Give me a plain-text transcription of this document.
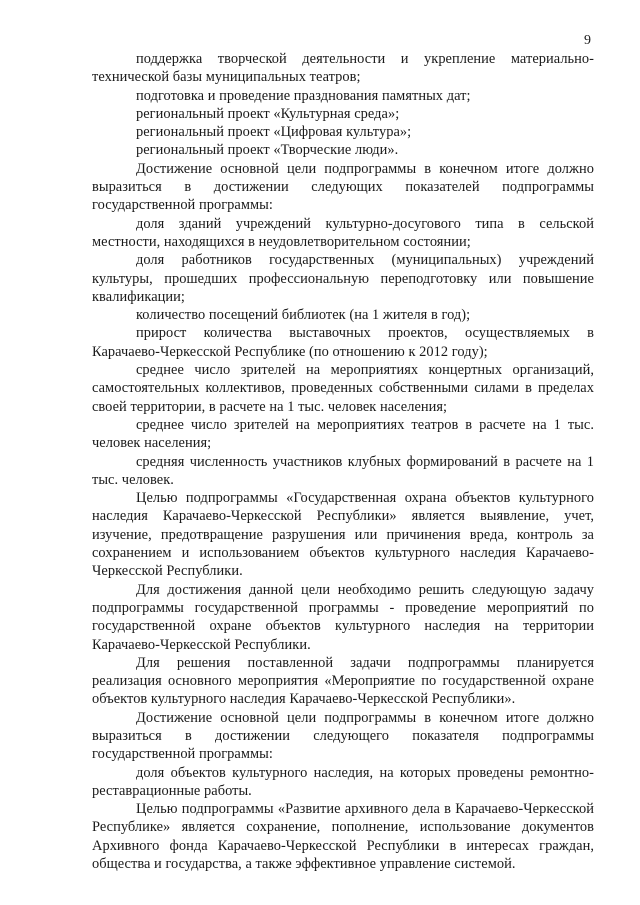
9

поддержка творческой деятельности и укрепление материально-технической базы муниципальных театров;

подготовка и проведение празднования памятных дат;

региональный проект «Культурная среда»;

региональный проект «Цифровая культура»;

региональный проект «Творческие люди».

Достижение основной цели подпрограммы в конечном итоге должно выразиться в достижении следующих показателей подпрограммы государственной программы:

доля зданий учреждений культурно-досугового типа в сельской местности, находящихся в неудовлетворительном состоянии;

доля работников государственных (муниципальных) учреждений культуры, прошедших профессиональную переподготовку или повышение квалификации;

количество посещений библиотек (на 1 жителя в год);

прирост количества выставочных проектов, осуществляемых в Карачаево-Черкесской Республике (по отношению к 2012 году);

среднее число зрителей на мероприятиях концертных организаций, самостоятельных коллективов, проведенных собственными силами в пределах своей территории, в расчете на 1 тыс. человек населения;

среднее число зрителей на мероприятиях театров в расчете на 1 тыс. человек населения;

средняя численность участников клубных формирований в расчете на 1 тыс. человек.

Целью подпрограммы «Государственная охрана объектов культурного наследия Карачаево-Черкесской Республики» является выявление, учет, изучение, предотвращение разрушения или причинения вреда, контроль за сохранением и использованием объектов культурного наследия Карачаево-Черкесской Республики.

Для достижения данной цели необходимо решить следующую задачу подпрограммы государственной программы - проведение мероприятий по государственной охране объектов культурного наследия на территории Карачаево-Черкесской Республики.

Для решения поставленной задачи подпрограммы планируется реализация основного мероприятия «Мероприятие по государственной охране объектов культурного наследия Карачаево-Черкесской Республики».

Достижение основной цели подпрограммы в конечном итоге должно выразиться в достижении следующего показателя подпрограммы государственной программы:

доля объектов культурного наследия, на которых проведены ремонтно-реставрационные работы.

Целью подпрограммы «Развитие архивного дела в Карачаево-Черкесской Республике» является сохранение, пополнение, использование документов Архивного фонда Карачаево-Черкесской Республики в интересах граждан, общества и государства, а также эффективное управление системой.
